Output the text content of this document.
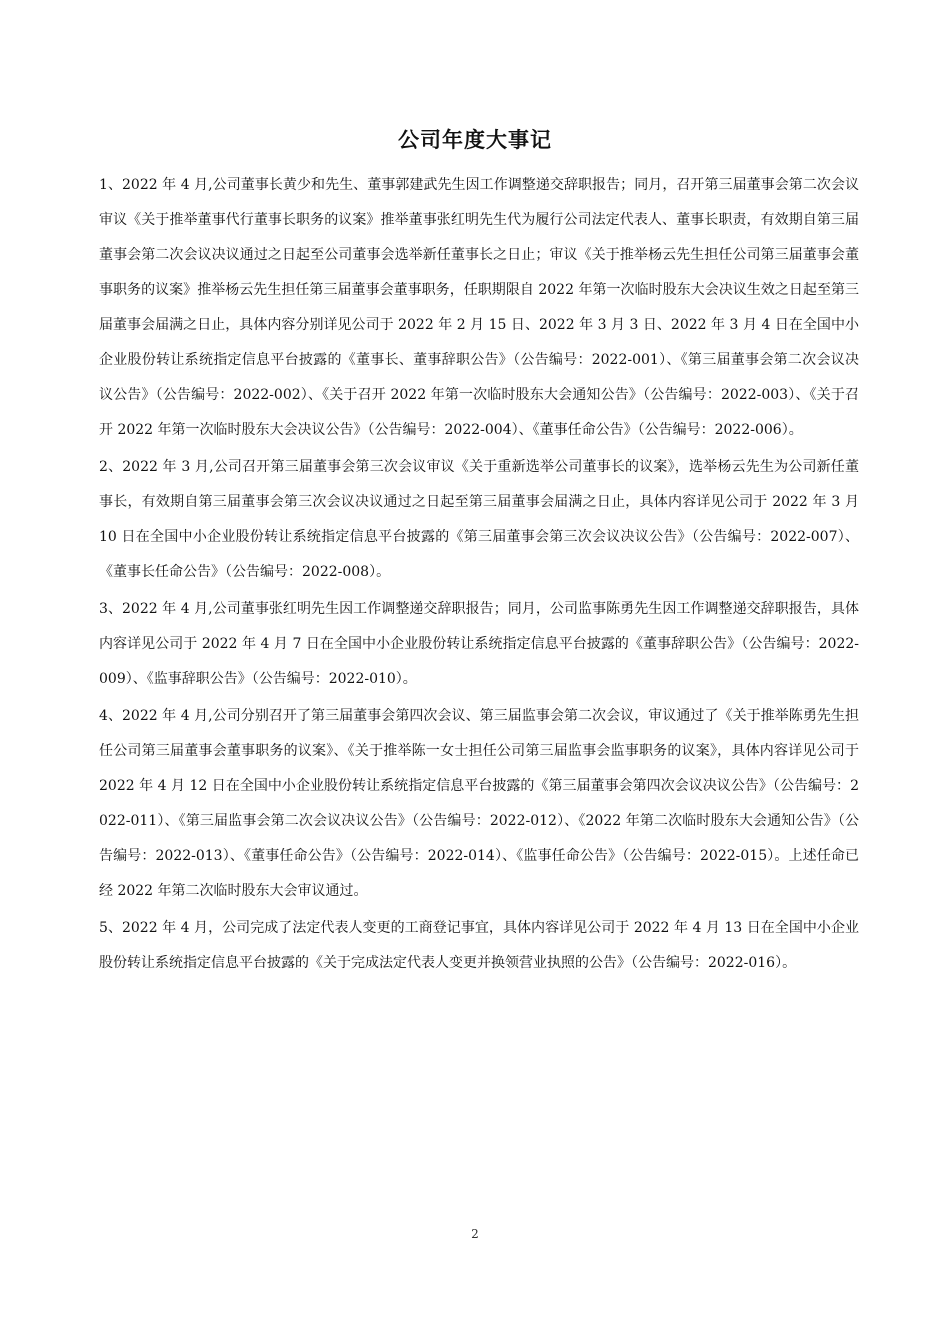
公司年度大事记

1、2022 年 4 月,公司董事长黄少和先生、董事郭建武先生因工作调整递交辞职报告；同月，召开第三届董事会第二次会议审议《关于推举董事代行董事长职务的议案》推举董事张红明先生代为履行公司法定代表人、董事长职责，有效期自第三届董事会第二次会议决议通过之日起至公司董事会选举新任董事长之日止；审议《关于推举杨云先生担任公司第三届董事会董事职务的议案》推举杨云先生担任第三届董事会董事职务，任职期限自 2022 年第一次临时股东大会决议生效之日起至第三届董事会届满之日止，具体内容分别详见公司于 2022 年 2 月 15 日、2022 年 3 月 3 日、2022 年 3 月 4 日在全国中小企业股份转让系统指定信息平台披露的《董事长、董事辞职公告》（公告编号：2022-001）、《第三届董事会第二次会议决议公告》（公告编号：2022-002）、《关于召开 2022 年第一次临时股东大会通知公告》（公告编号：2022-003）、《关于召开 2022 年第一次临时股东大会决议公告》（公告编号：2022-004）、《董事任命公告》（公告编号：2022-006）。

2、2022 年 3 月,公司召开第三届董事会第三次会议审议《关于重新选举公司董事长的议案》，选举杨云先生为公司新任董事长，有效期自第三届董事会第三次会议决议通过之日起至第三届董事会届满之日止，具体内容详见公司于 2022 年 3 月 10 日在全国中小企业股份转让系统指定信息平台披露的《第三届董事会第三次会议决议公告》（公告编号：2022-007）、《董事长任命公告》（公告编号：2022-008）。

3、2022 年 4 月,公司董事张红明先生因工作调整递交辞职报告；同月，公司监事陈勇先生因工作调整递交辞职报告，具体内容详见公司于 2022 年 4 月 7 日在全国中小企业股份转让系统指定信息平台披露的《董事辞职公告》（公告编号：2022-009）、《监事辞职公告》（公告编号：2022-010）。

4、2022 年 4 月,公司分别召开了第三届董事会第四次会议、第三届监事会第二次会议，审议通过了《关于推举陈勇先生担任公司第三届董事会董事职务的议案》、《关于推举陈一女士担任公司第三届监事会监事职务的议案》，具体内容详见公司于 2022 年 4 月 12 日在全国中小企业股份转让系统指定信息平台披露的《第三届董事会第四次会议决议公告》（公告编号：2022-011）、《第三届监事会第二次会议决议公告》（公告编号：2022-012）、《2022 年第二次临时股东大会通知公告》（公告编号：2022-013）、《董事任命公告》（公告编号：2022-014）、《监事任命公告》（公告编号：2022-015）。上述任命已经 2022 年第二次临时股东大会审议通过。

5、2022 年 4 月，公司完成了法定代表人变更的工商登记事宜，具体内容详见公司于 2022 年 4 月 13 日在全国中小企业股份转让系统指定信息平台披露的《关于完成法定代表人变更并换领营业执照的公告》（公告编号：2022-016）。

2
